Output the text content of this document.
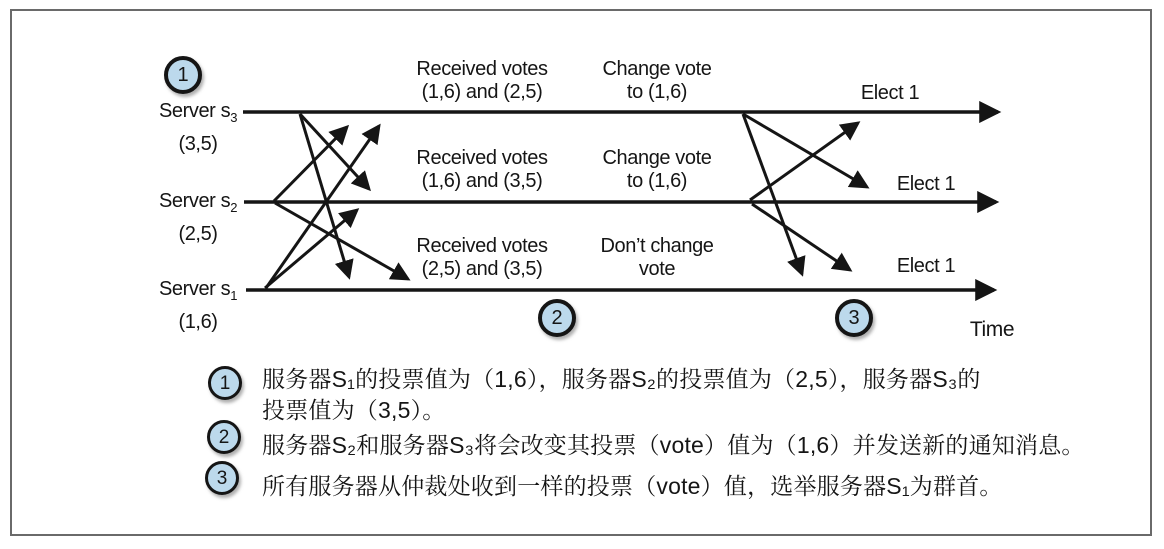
Server $s_3$
(3,5)
Server $s_2$
(2,5)
Server $s_1$
(1,6)
Received votes
(1,6) and (2,5)
Change vote
to (1,6)	Elect 1
Received votes
(1,6) and (3,5)
Change vote
to (1,6)	Elect 1
Received votes
(2,5) and (3,5)
Don’t change
vote	Elect 1
Time
1
2	3
1	服务器S₁的投票值为（1,6），服务器S₂的投票值为（2,5），服务器S₃的
投票值为（3,5）。
2	服务器S₂和服务器S₃将会改变其投票（vote）值为（1,6）并发送新的通知消息。
3	所有服务器从仲裁处收到一样的投票（vote）值，选举服务器S₁为群首。
